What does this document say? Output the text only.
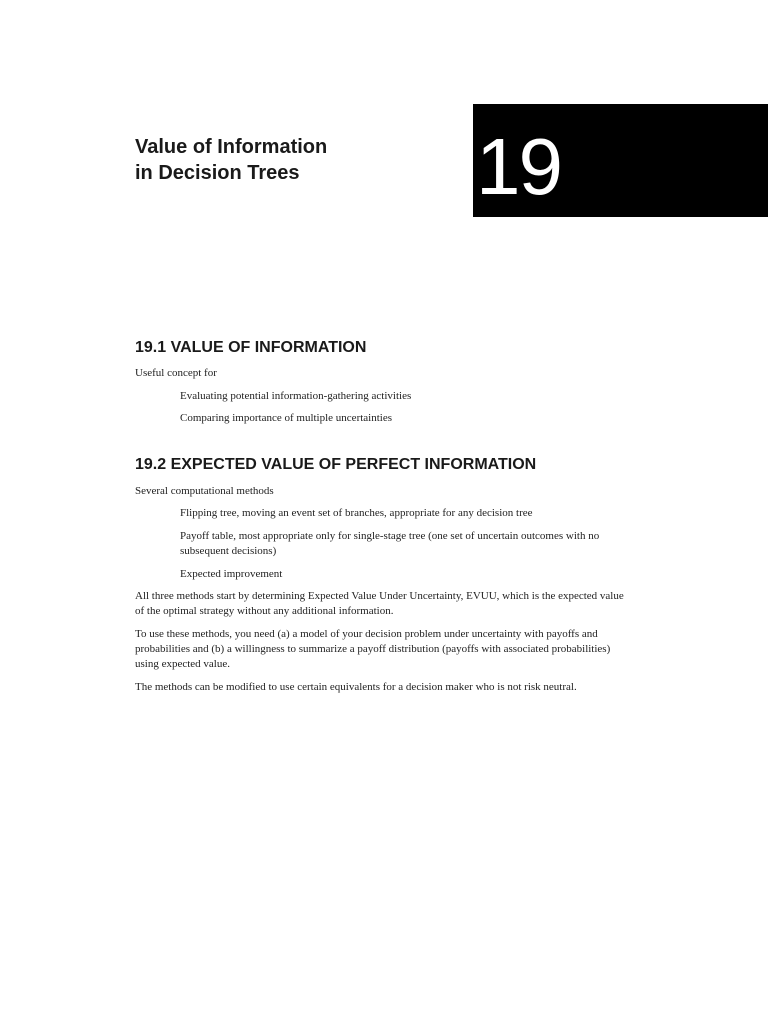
Value of Information
in Decision Trees	19
19.1 VALUE OF INFORMATION

Useful concept for

Evaluating potential information-gathering activities

Comparing importance of multiple uncertainties

19.2 EXPECTED VALUE OF PERFECT INFORMATION

Several computational methods

Flipping tree, moving an event set of branches, appropriate for any decision tree

Payoff table, most appropriate only for single-stage tree (one set of uncertain outcomes with no subsequent decisions)

Expected improvement

All three methods start by determining Expected Value Under Uncertainty, EVUU, which is the expected value of the optimal strategy without any additional information.

To use these methods, you need (a) a model of your decision problem under uncertainty with payoffs and probabilities and (b) a willingness to summarize a payoff distribution (payoffs with associated probabilities) using expected value.

The methods can be modified to use certain equivalents for a decision maker who is not risk neutral.
